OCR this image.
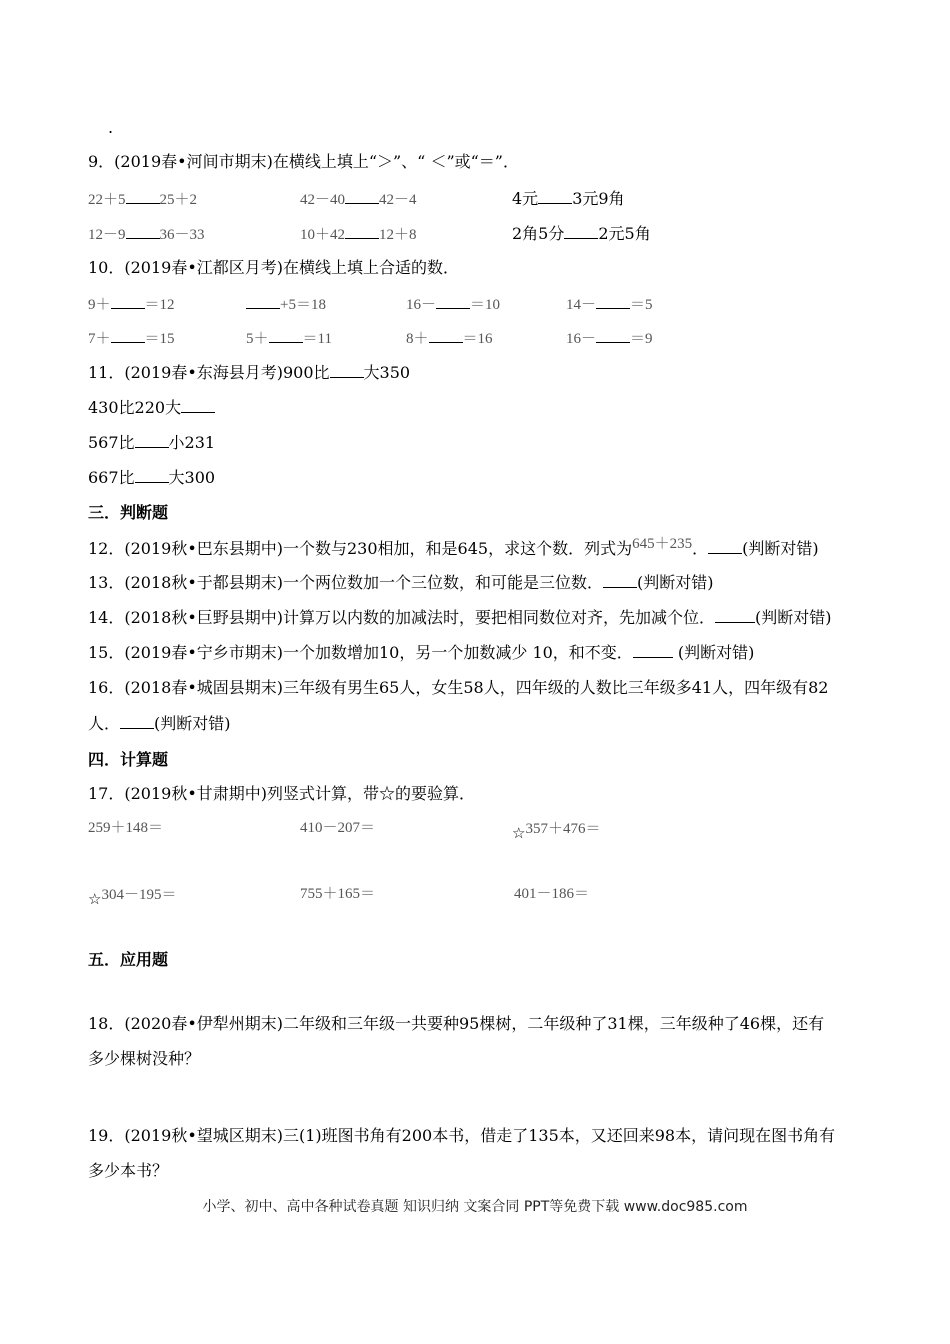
.
9．(2019春•河间市期末)在横线上填上“＞”、“ ＜”或“＝”．
22＋5 25＋2	42－40 42－4	4元 3元9角
12－9 36－33	10＋42 12＋8	2角5分 2元5角
10．(2019春•江都区月考)在横线上填上合适的数．
9＋ ＝12	+5＝18	16－ ＝10	14－ ＝5
7＋ ＝15	5＋ ＝11	8＋ ＝16	16－ ＝9
11．(2019春•东海县月考)900比 大350
430比220大
567比 小231
667比 大300
三．判断题
12．(2019秋•巴东县期中)一个数与230相加，和是645，求这个数．列式为645＋235． (判断对错)
13．(2018秋•于都县期末)一个两位数加一个三位数，和可能是三位数． (判断对错)
14．(2018秋•巨野县期中)计算万以内数的加减法时，要把相同数位对齐，先加减个位．	(判断对错)
15．(2019春•宁乡市期末)一个加数增加10，另一个加数减少 10，和不变．	(判断对错)
16．(2018春•城固县期末)三年级有男生65人，女生58人，四年级的人数比三年级多41人，四年级有82
人． (判断对错)
四．计算题
17．(2019秋•甘肃期中)列竖式计算，带☆的要验算．
259＋148＝	410－207＝	☆357＋476＝
☆304－195＝	755＋165＝	401－186＝
五．应用题
18．(2020春•伊犁州期末)二年级和三年级一共要种95棵树，二年级种了31棵，三年级种了46棵，还有
多少棵树没种？
19．(2019秋•望城区期末)三(1)班图书角有200本书，借走了135本，又还回来98本，请问现在图书角有
多少本书？
小学、初中、高中各种试卷真题 知识归纳 文案合同 PPT等免费下载 www.doc985.com
